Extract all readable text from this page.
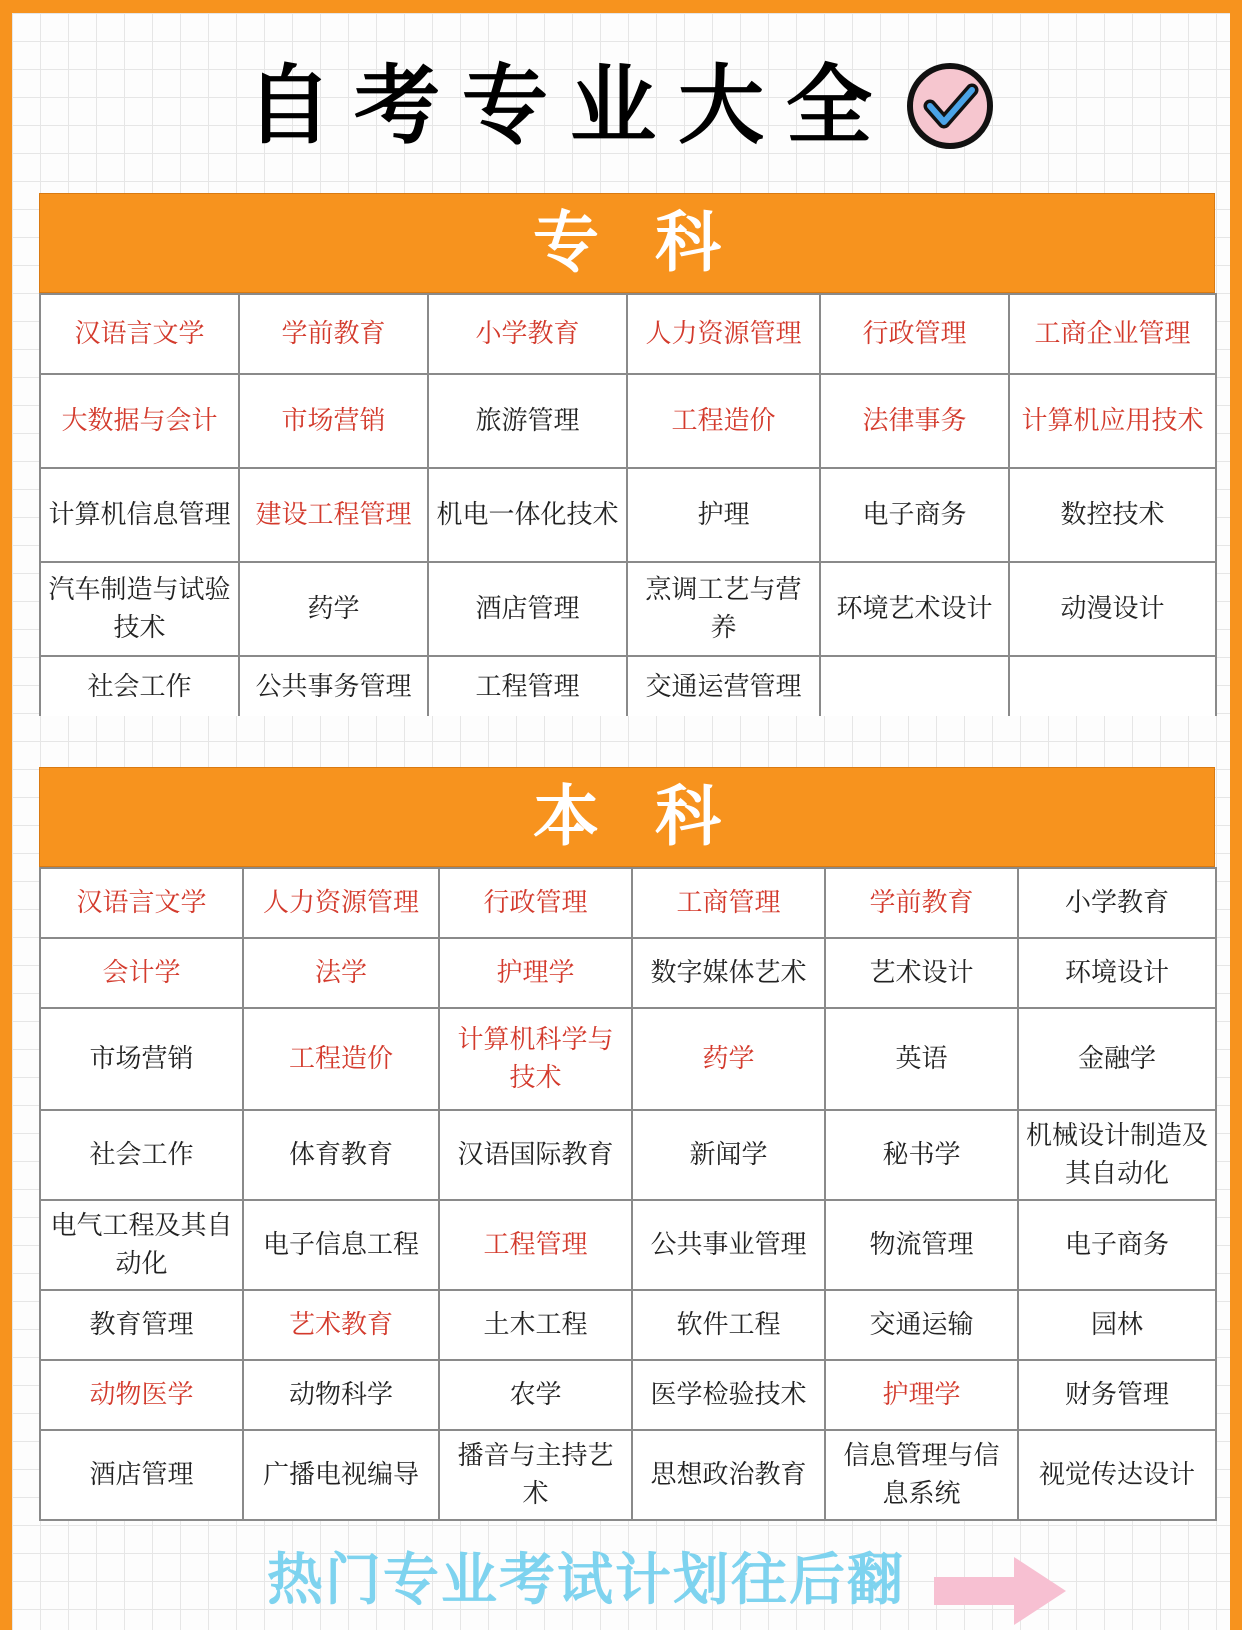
自考专业大全
专科
汉语言文学	学前教育	小学教育	人力资源管理	行政管理	工商企业管理
大数据与会计	市场营销	旅游管理	工程造价	法律事务	计算机应用技术
计算机信息管理	建设工程管理	机电一体化技术	护理	电子商务	数控技术
汽车制造与试验技术	药学	酒店管理	烹调工艺与营养	环境艺术设计	动漫设计
社会工作	公共事务管理	工程管理	交通运营管理		
本科
汉语言文学	人力资源管理	行政管理	工商管理	学前教育	小学教育
会计学	法学	护理学	数字媒体艺术	艺术设计	环境设计
市场营销	工程造价	计算机科学与技术	药学	英语	金融学
社会工作	体育教育	汉语国际教育	新闻学	秘书学	机械设计制造及其自动化
电气工程及其自动化	电子信息工程	工程管理	公共事业管理	物流管理	电子商务
教育管理	艺术教育	土木工程	软件工程	交通运输	园林
动物医学	动物科学	农学	医学检验技术	护理学	财务管理
酒店管理	广播电视编导	播音与主持艺术	思想政治教育	信息管理与信息系统	视觉传达设计
热门专业考试计划往后翻
